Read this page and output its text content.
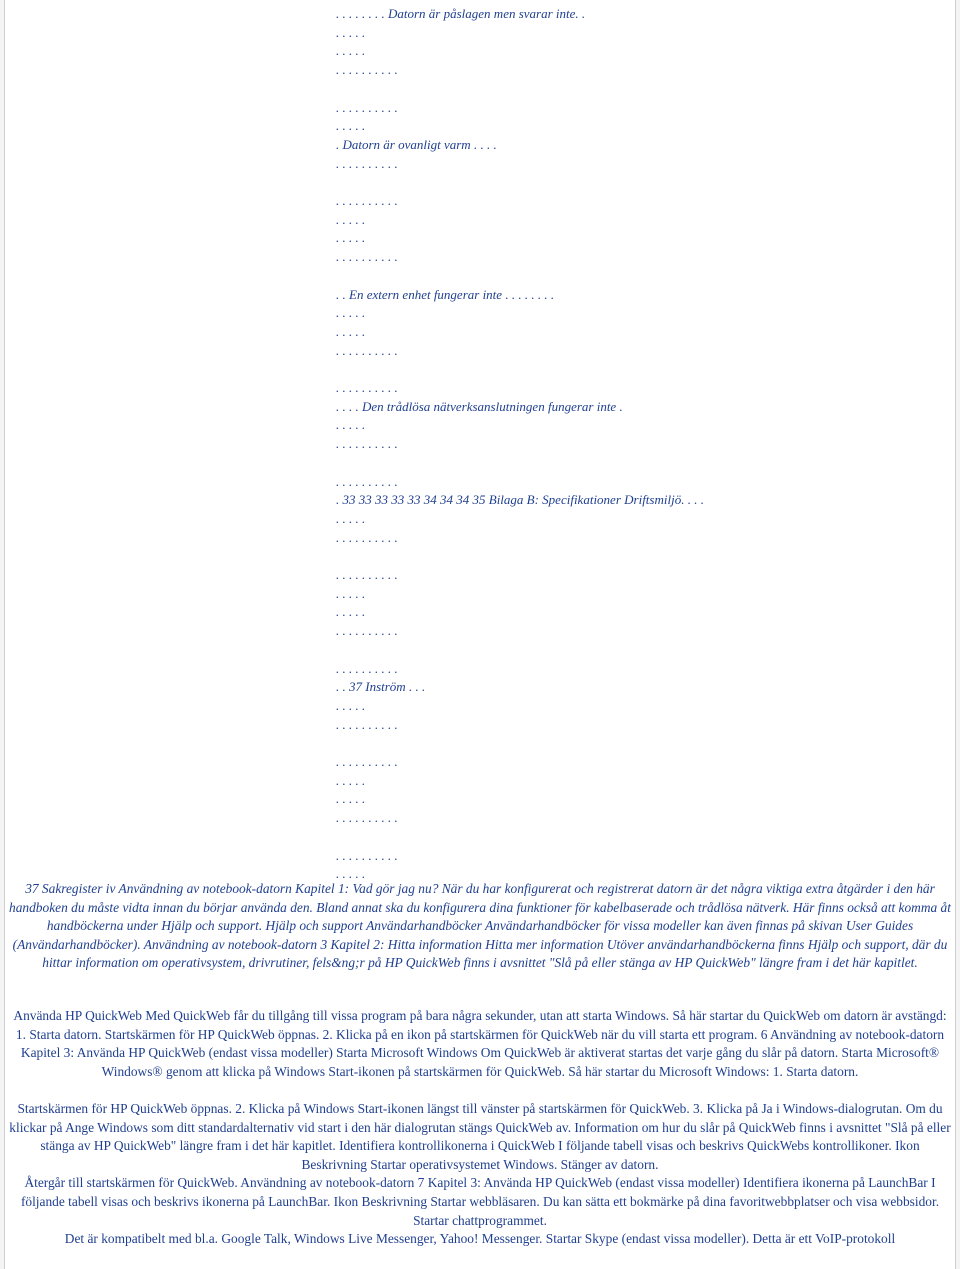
. . . . . . . . Datorn är påslagen men svarar inte. .
. . . . .
. . . . .
. . . . . . . . . .
. . . . . . . . . .
. . . . .
. Datorn är ovanligt varm . . . .
. . . . . . . . . .
. . . . . . . . . .
. . . . .
. . . . .
. . . . . . . . . .
. . En extern enhet fungerar inte . . . . . . . .
. . . . .
. . . . .
. . . . . . . . . .
. . . . . . . . . .
. . . . Den trådlösa nätverksanslutningen fungerar inte .
. . . . .
. . . . . . . . . .
. . . . . . . . . .
. 33 33 33 33 33 34 34 34 35 Bilaga B: Specifikationer Driftsmiljö. . . .
. . . . .
. . . . . . . . . .
. . . . . . . . . .
. . . . .
. . . . .
. . . . . . . . . .
. . . . . . . . . .
. . 37 Inström . . .
. . . . .
. . . . . . . . . .
. . . . . . . . . .
. . . . .
. . . . .
. . . . . . . . . .
. . . . . . . . . .
. . . . .

37 Sakregister iv Användning av notebook-datorn Kapitel 1: Vad gör jag nu? När du har konfigurerat och registrerat datorn är det några viktiga extra åtgärder i den här handboken du måste vidta innan du börjar använda den. Bland annat ska du konfigurera dina funktioner för kabelbaserade och trådlösa nätverk. Här finns också att komma åt handböckerna under Hjälp och support. Hjälp och support Användarhandböcker Användarhandböcker för vissa modeller kan även finnas på skivan User Guides (Användarhandböcker). Användning av notebook-datorn 3 Kapitel 2: Hitta information Hitta mer information Utöver användarhandböckerna finns Hjälp och support, där du hittar information om operativsystem, drivrutiner, fels&ng;r på HP QuickWeb finns i avsnittet "Slå på eller stänga av HP QuickWeb" längre fram i det här kapitlet.

Använda HP QuickWeb Med QuickWeb får du tillgång till vissa program på bara några sekunder, utan att starta Windows. Så här startar du QuickWeb om datorn är avstängd: 1. Starta datorn. Startskärmen för HP QuickWeb öppnas. 2. Klicka på en ikon på startskärmen för QuickWeb när du vill starta ett program. 6 Användning av notebook-datorn Kapitel 3: Använda HP QuickWeb (endast vissa modeller) Starta Microsoft Windows Om QuickWeb är aktiverat startas det varje gång du slår på datorn. Starta Microsoft® Windows® genom att klicka på Windows Start-ikonen på startskärmen för QuickWeb. Så här startar du Microsoft Windows: 1. Starta datorn.

Startskärmen för HP QuickWeb öppnas. 2. Klicka på Windows Start-ikonen längst till vänster på startskärmen för QuickWeb. 3. Klicka på Ja i Windows-dialogrutan. Om du klickar på Ange Windows som ditt standardalternativ vid start i den här dialogrutan stängs QuickWeb av. Information om hur du slår på QuickWeb finns i avsnittet "Slå på eller stänga av HP QuickWeb" längre fram i det här kapitlet. Identifiera kontrollikonerna i QuickWeb I följande tabell visas och beskrivs QuickWebs kontrollikoner. Ikon Beskrivning Startar operativsystemet Windows. Stänger av datorn.

Återgår till startskärmen för QuickWeb. Användning av notebook-datorn 7 Kapitel 3: Använda HP QuickWeb (endast vissa modeller) Identifiera ikonerna på LaunchBar I följande tabell visas och beskrivs ikonerna på LaunchBar. Ikon Beskrivning Startar webbläsaren. Du kan sätta ett bokmärke på dina favoritwebbplatser och visa webbsidor. Startar chattprogrammet.

Det är kompatibelt med bl.a. Google Talk, Windows Live Messenger, Yahoo! Messenger. Startar Skype (endast vissa modeller). Detta är ett VoIP-protokoll
